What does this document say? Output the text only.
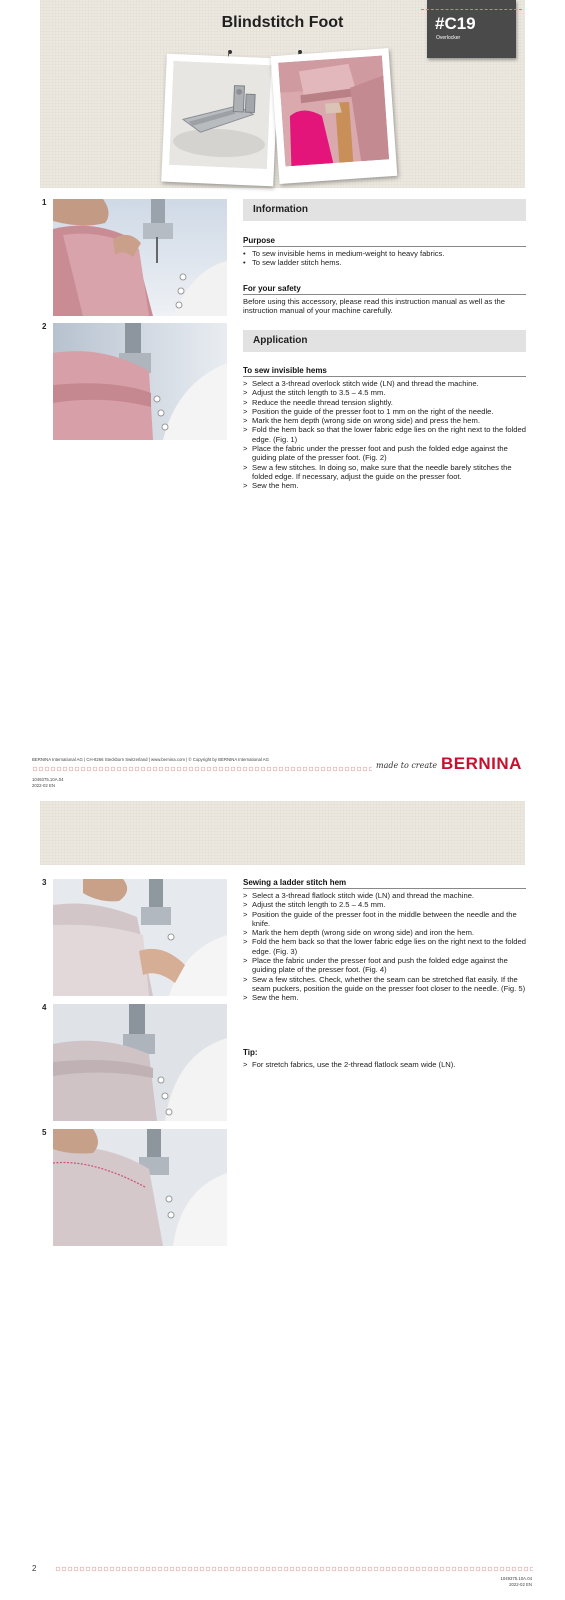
Blindstitch Foot	#C19
Overlocker
1
2
Information
Purpose
• To sew invisible hems in medium-weight to heavy fabrics.
• To sew ladder stitch hems.
For your safety
Before using this accessory, please read this instruction manual as well as the instruction manual of your machine carefully.
Application
To sew invisible hems
> Select a 3-thread overlock stitch wide (LN) and thread the machine.
> Adjust the stitch length to 3.5 – 4.5 mm.
> Reduce the needle thread tension slightly.
> Position the guide of the presser foot to 1 mm on the right of the needle.
> Mark the hem depth (wrong side on wrong side) and press the hem.
> Fold the hem back so that the lower fabric edge lies on the right next to the folded edge. (Fig. 1)
> Place the fabric under the presser foot and push the folded edge against the guiding plate of the presser foot. (Fig. 2)
> Sew a few stitches. In doing so, make sure that the needle barely stitches the folded edge. If necessary, adjust the guide on the presser foot.
> Sew the hem.
BERNINA International AG | CH-8266 Steckborn Switzerland | www.bernina.com | © Copyright by BERNINA International AG
made to create BERNINA
1049375.10A.04
2022-02 EN
3
4
5
Sewing a ladder stitch hem
> Select a 3-thread flatlock stitch wide (LN) and thread the machine.
> Adjust the stitch length to 2.5 – 4.5 mm.
> Position the guide of the presser foot in the middle between the needle and the knife.
> Mark the hem depth (wrong side on wrong side) and iron the hem.
> Fold the hem back so that the lower fabric edge lies on the right next to the folded edge. (Fig. 3)
> Place the fabric under the presser foot and push the folded edge against the guiding plate of the presser foot. (Fig. 4)
> Sew a few stitches. Check, whether the seam can be stretched flat easily. If the seam puckers, position the guide on the presser foot closer to the needle. (Fig. 5)
> Sew the hem.
Tip:
> For stretch fabrics, use the 2-thread flatlock seam wide (LN).
2
1049375.10A.04
2022-02 EN
